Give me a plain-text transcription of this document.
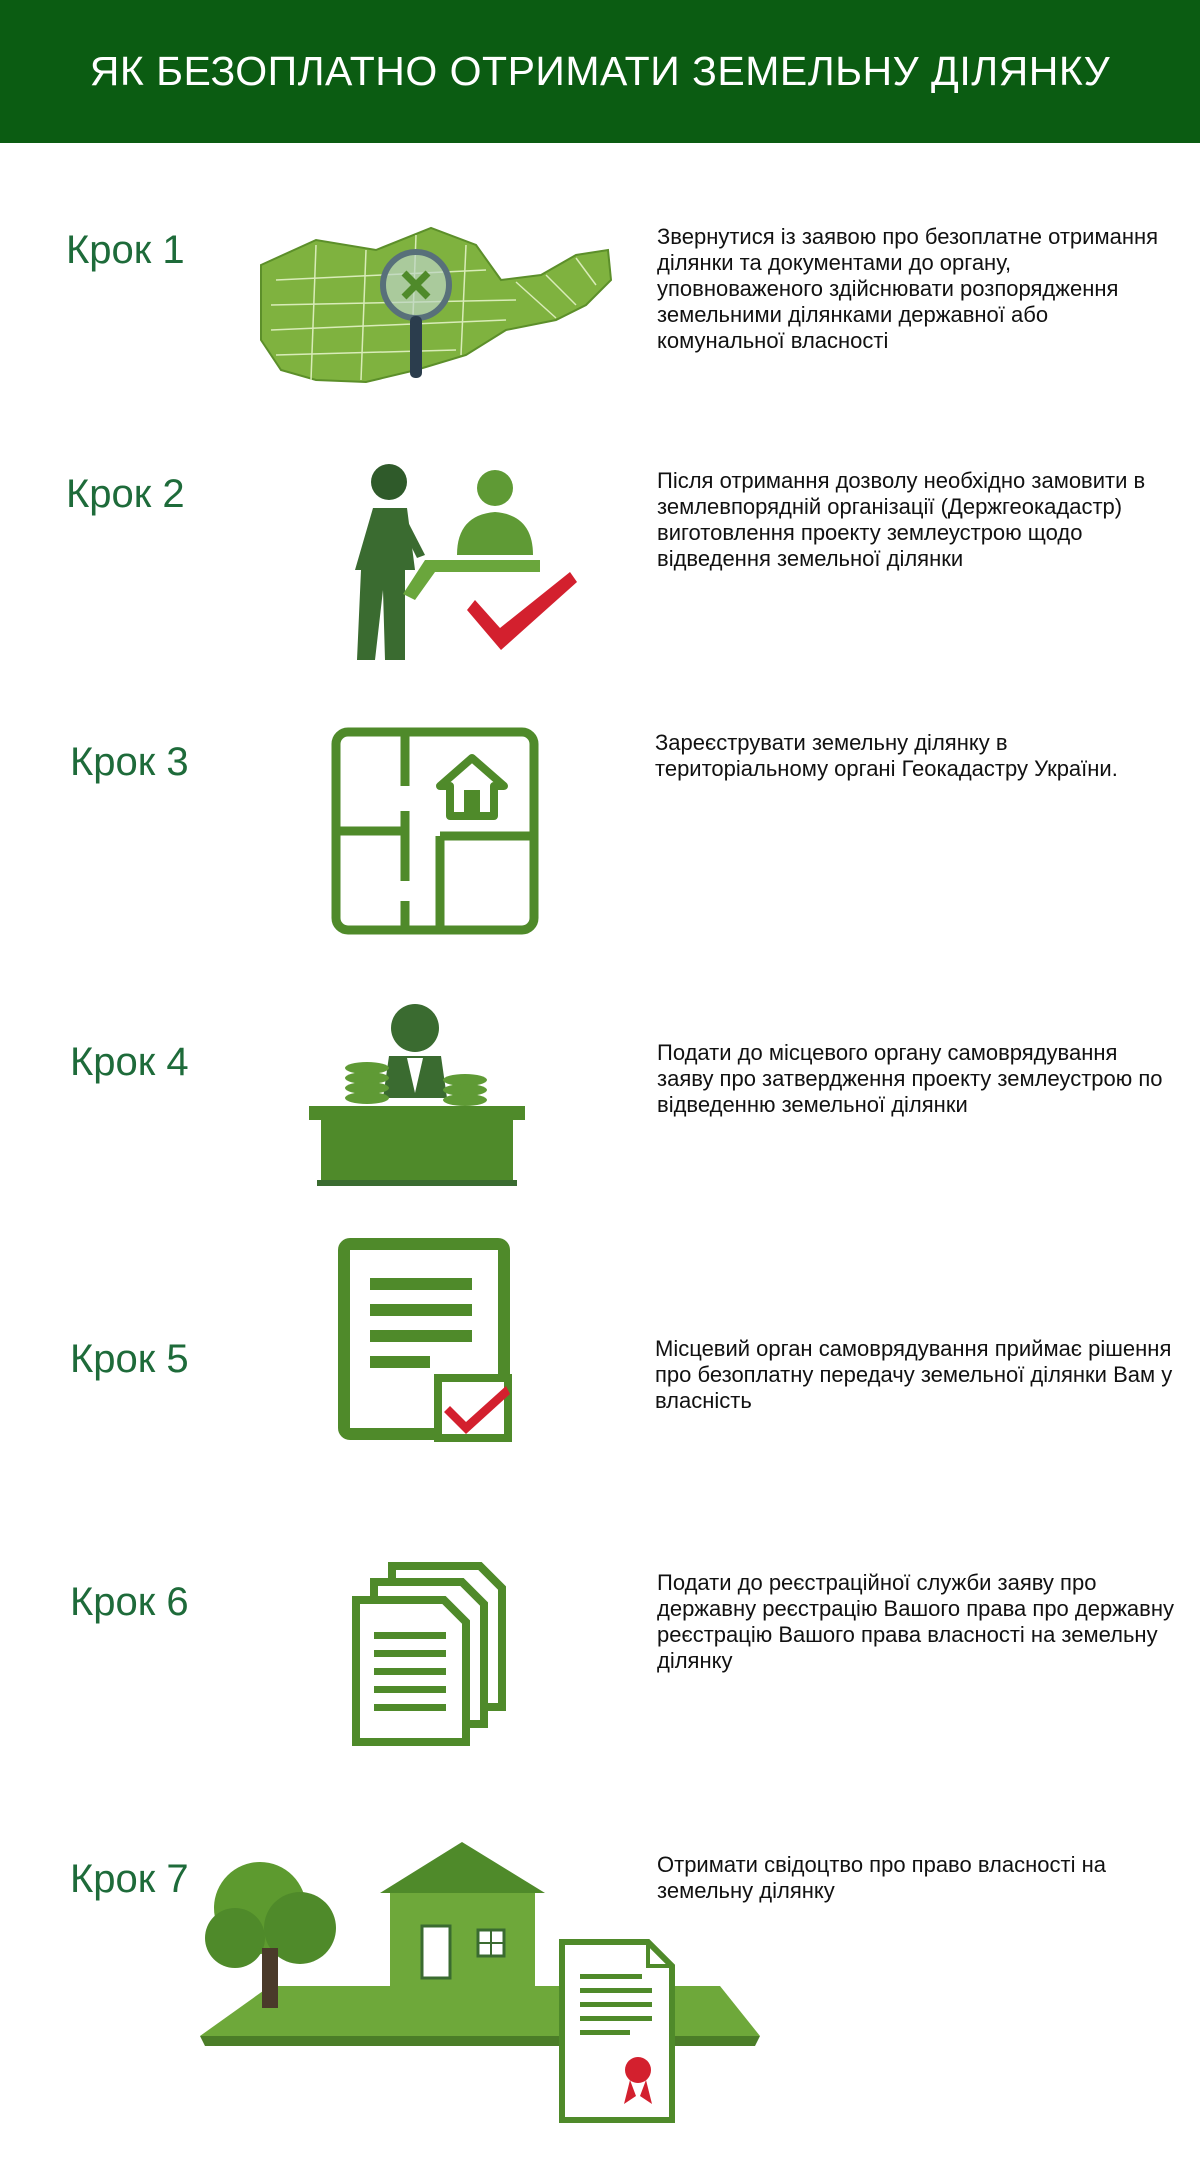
ЯК БЕЗОПЛАТНО ОТРИМАТИ ЗЕМЕЛЬНУ ДІЛЯНКУ
Крок 1	Звернутися із заявою про безоплатне отримання ділянки та документами до органу, уповноваженого здійснювати розпорядження земельними ділянками державної або комунальної власності
Крок 2	Після отримання дозволу необхідно замовити в землевпорядній організації (Держгеокадастр) виготовлення проекту землеустрою щодо відведення земельної ділянки
Крок 3	Зареєструвати земельну ділянку в територіальному органі Геокадастру України.
Крок 4	Подати до місцевого органу самоврядування заяву про затвердження проекту землеустрою по відведенню земельної ділянки
Крок 5	Місцевий орган самоврядування приймає рішення про безоплатну передачу земельної ділянки Вам у власність
Крок 6	Подати до реєстраційної служби заяву про державну реєстрацію Вашого права про державну реєстрацію Вашого права власності на земельну ділянку
Крок 7	Отримати свідоцтво про право власності на земельну ділянку
